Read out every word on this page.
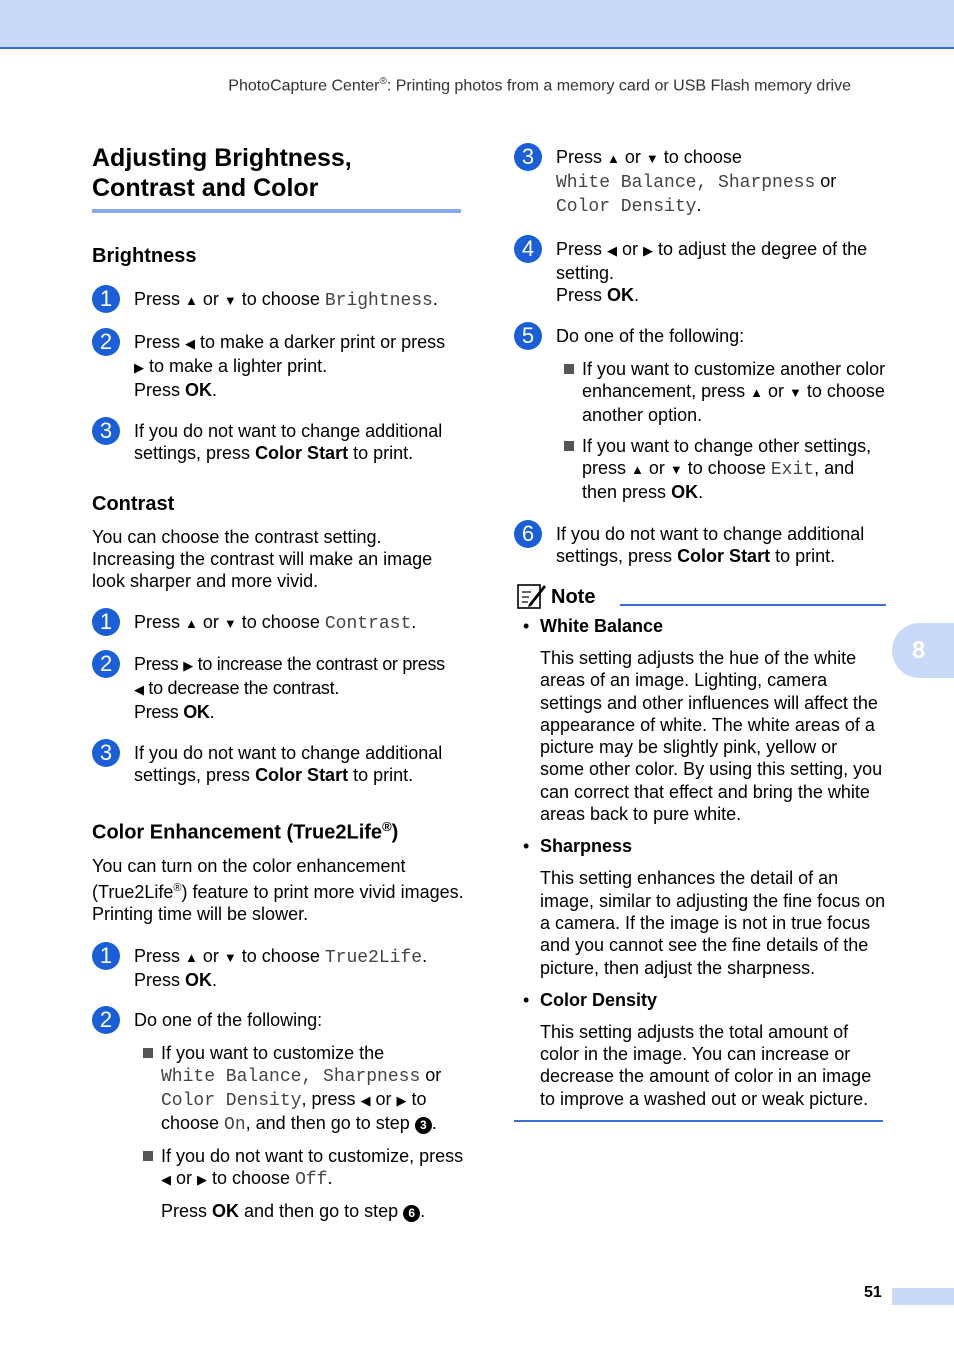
PhotoCapture Center®: Printing photos from a memory card or USB Flash memory drive
Adjusting Brightness,
Contrast and Color
Brightness
1	Press ▲ or ▼ to choose Brightness.
2	Press ◀ to make a darker print or press
▶ to make a lighter print.
Press OK.
3	If you do not want to change additional settings, press Color Start to print.
Contrast

You can choose the contrast setting. Increasing the contrast will make an image look sharper and more vivid.

1	Press ▲ or ▼ to choose Contrast.
2	Press ▶ to increase the contrast or press
◀ to decrease the contrast.
Press OK.
3	If you do not want to change additional settings, press Color Start to print.
Color Enhancement (True2Life®)

You can turn on the color enhancement (True2Life®) feature to print more vivid images. Printing time will be slower.

1	Press ▲ or ▼ to choose True2Life.
Press OK.
2	Do one of the following:
If you want to customize the
White Balance, Sharpness or
Color Density, press ◀ or ▶ to
choose On, and then go to step 3 .
If you do not want to customize, press ◀ or ▶ to choose Off.
Press OK and then go to step 6 .
3	Press ▲ or ▼ to choose
White Balance, Sharpness or
Color Density.
4	Press ◀ or ▶ to adjust the degree of the setting.
Press OK.
5	Do one of the following:
If you want to customize another color enhancement, press ▲ or ▼ to choose another option.
If you want to change other settings, press ▲ or ▼ to choose Exit, and then press OK.
6	If you do not want to change additional settings, press Color Start to print.
Note
• White Balance

This setting adjusts the hue of the white areas of an image. Lighting, camera settings and other influences will affect the appearance of white. The white areas of a picture may be slightly pink, yellow or some other color. By using this setting, you can correct that effect and bring the white areas back to pure white.

• Sharpness

This setting enhances the detail of an image, similar to adjusting the fine focus on a camera. If the image is not in true focus and you cannot see the fine details of the picture, then adjust the sharpness.

• Color Density

This setting adjusts the total amount of color in the image. You can increase or decrease the amount of color in an image to improve a washed out or weak picture.

8
51
